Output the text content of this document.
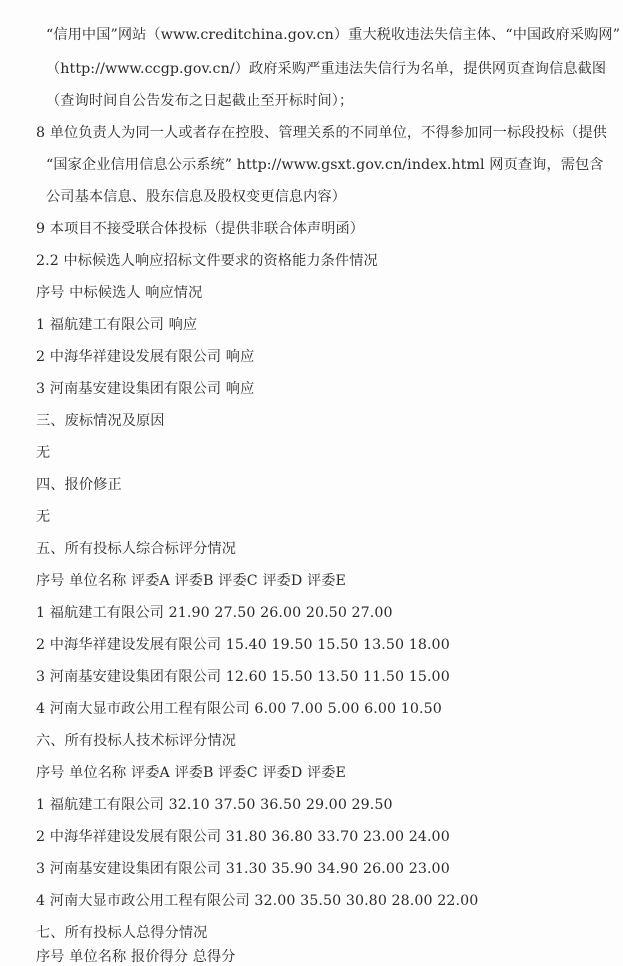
“信用中国”网站（www.creditchina.gov.cn）重大税收违法失信主体、“中国政府采购网”
（http://www.ccgp.gov.cn/）政府采购严重违法失信行为名单，提供网页查询信息截图
（查询时间自公告发布之日起截止至开标时间）；
8 单位负责人为同一人或者存在控股、管理关系的不同单位，不得参加同一标段投标（提供
“国家企业信用信息公示系统” http://www.gsxt.gov.cn/index.html 网页查询，需包含
公司基本信息、股东信息及股权变更信息内容）
9 本项目不接受联合体投标（提供非联合体声明函）
2.2 中标候选人响应招标文件要求的资格能力条件情况
序号 中标候选人 响应情况
1 福航建工有限公司 响应
2 中海华祥建设发展有限公司 响应
3 河南基安建设集团有限公司 响应
三、废标情况及原因
无
四、报价修正
无
五、所有投标人综合标评分情况
序号 单位名称 评委A 评委B 评委C 评委D 评委E
1 福航建工有限公司 21.90 27.50 26.00 20.50 27.00
2 中海华祥建设发展有限公司 15.40 19.50 15.50 13.50 18.00
3 河南基安建设集团有限公司 12.60 15.50 13.50 11.50 15.00
4 河南大显市政公用工程有限公司 6.00 7.00 5.00 6.00 10.50
六、所有投标人技术标评分情况
序号 单位名称 评委A 评委B 评委C 评委D 评委E
1 福航建工有限公司 32.10 37.50 36.50 29.00 29.50
2 中海华祥建设发展有限公司 31.80 36.80 33.70 23.00 24.00
3 河南基安建设集团有限公司 31.30 35.90 34.90 26.00 23.00
4 河南大显市政公用工程有限公司 32.00 35.50 30.80 28.00 22.00
七、所有投标人总得分情况
序号 单位名称 报价得分 总得分
